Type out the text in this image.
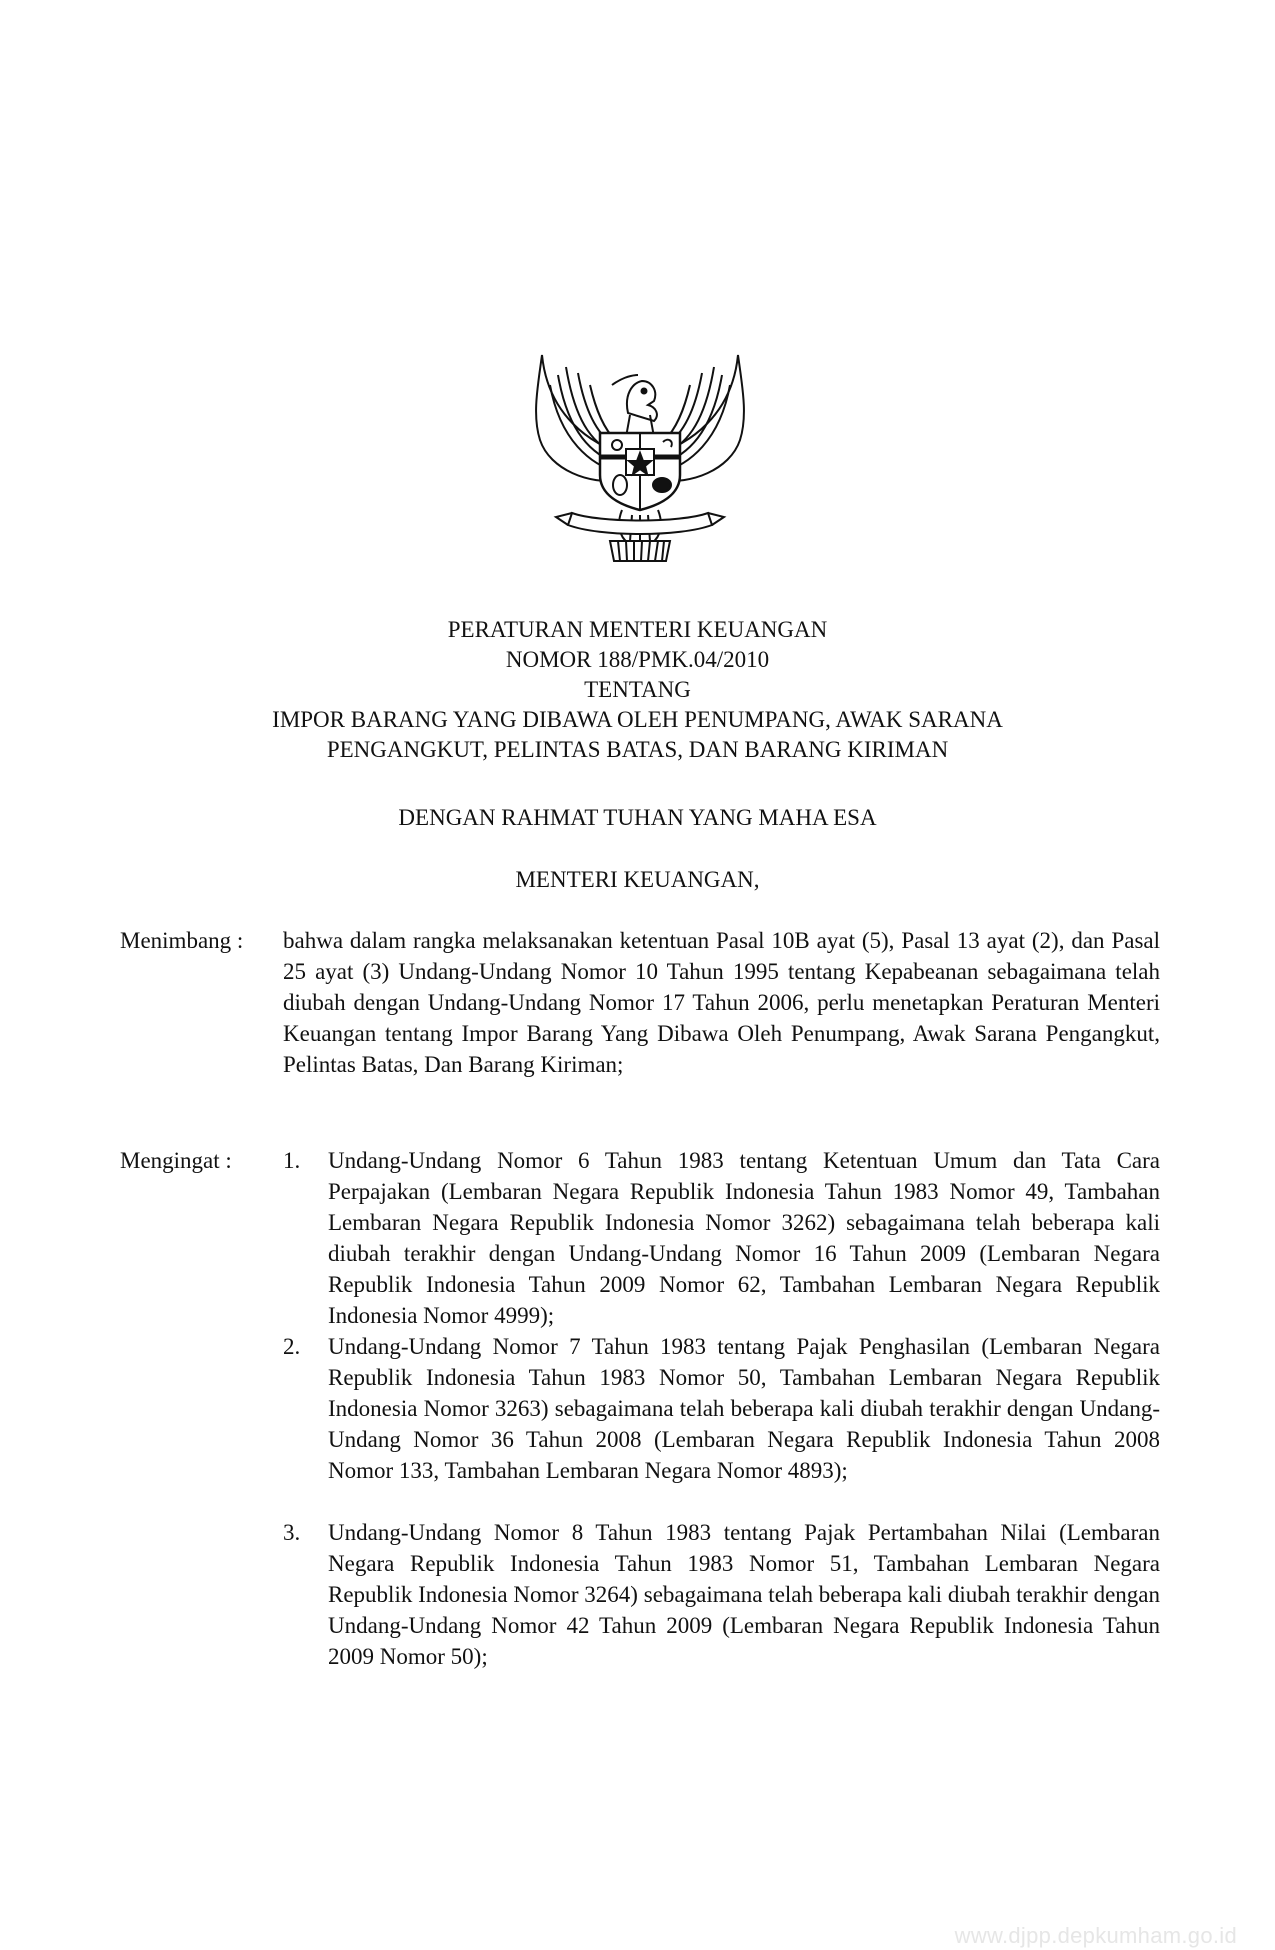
PERATURAN MENTERI KEUANGAN
NOMOR 188/PMK.04/2010
TENTANG
IMPOR BARANG YANG DIBAWA OLEH PENUMPANG, AWAK SARANA
PENGANGKUT, PELINTAS BATAS, DAN BARANG KIRIMAN
DENGAN RAHMAT TUHAN YANG MAHA ESA
MENTERI KEUANGAN,
Menimbang : bahwa dalam rangka melaksanakan ketentuan Pasal 10B ayat (5), Pasal 13 ayat (2), dan Pasal 25 ayat (3) Undang-Undang Nomor 10 Tahun 1995 tentang Kepabeanan sebagaimana telah diubah dengan Undang-Undang Nomor 17 Tahun 2006, perlu menetapkan Peraturan Menteri Keuangan tentang Impor Barang Yang Dibawa Oleh Penumpang, Awak Sarana Pengangkut, Pelintas Batas, Dan Barang Kiriman;
Mengingat : 1. Undang-Undang Nomor 6 Tahun 1983 tentang Ketentuan Umum dan Tata Cara Perpajakan (Lembaran Negara Republik Indonesia Tahun 1983 Nomor 49, Tambahan Lembaran Negara Republik Indonesia Nomor 3262) sebagaimana telah beberapa kali diubah terakhir dengan Undang-Undang Nomor 16 Tahun 2009 (Lembaran Negara Republik Indonesia Tahun 2009 Nomor 62, Tambahan Lembaran Negara Republik Indonesia Nomor 4999);
2. Undang-Undang Nomor 7 Tahun 1983 tentang Pajak Penghasilan (Lembaran Negara Republik Indonesia Tahun 1983 Nomor 50, Tambahan Lembaran Negara Republik Indonesia Nomor 3263) sebagaimana telah beberapa kali diubah terakhir dengan Undang-Undang Nomor 36 Tahun 2008 (Lembaran Negara Republik Indonesia Tahun 2008 Nomor 133, Tambahan Lembaran Negara Nomor 4893);
3. Undang-Undang Nomor 8 Tahun 1983 tentang Pajak Pertambahan Nilai (Lembaran Negara Republik Indonesia Tahun 1983 Nomor 51, Tambahan Lembaran Negara Republik Indonesia Nomor 3264) sebagaimana telah beberapa kali diubah terakhir dengan Undang-Undang Nomor 42 Tahun 2009 (Lembaran Negara Republik Indonesia Tahun 2009 Nomor 50);
www.djpp.depkumham.go.id
